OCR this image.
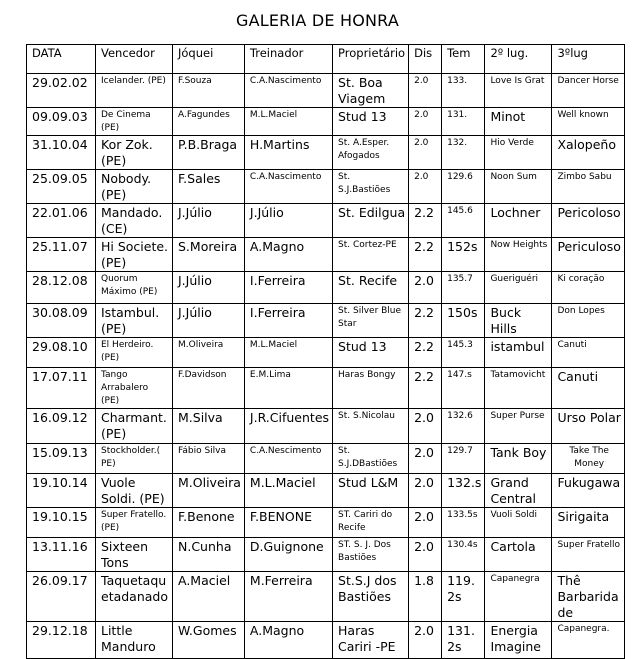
GALERIA DE HONRA
DATA	Vencedor	Jóquei	Treinador	Proprietário	Dis	Tem	2º lug.	3ºlug
29.02.02	Icelander. (PE)	F.Souza	C.A.Nascimento	St. Boa Viagem	2.0	133.	Love Is Grat	Dancer Horse
09.09.03	De Cinema (PE)	A.Fagundes	M.L.Maciel	Stud 13	2.0	131.	Minot	Well known
31.10.04	Kor Zok. (PE)	P.B.Braga	H.Martins	St. A.Esper. Afogados	2.0	132.	Hio Verde	Xalopeño
25.09.05	Nobody. (PE)	F.Sales	C.A.Nascimento	St. S.J.Bastiões	2.0	129.6	Noon Sum	Zimbo Sabu
22.01.06	Mandado. (CE)	J.Júlio	J.Júlio	St. Edilgua	2.2	145.6	Lochner	Pericoloso
25.11.07	Hi Societe. (PE)	S.Moreira	A.Magno	St. Cortez-PE	2.2	152s	Now Heights	Periculoso
28.12.08	Quorum Máximo (PE)	J.Júlio	I.Ferreira	St. Recife	2.0	135.7	Gueriguéri	Ki coração
30.08.09	Istambul. (PE)	J.Júlio	I.Ferreira	St. Silver Blue Star	2.2	150s	Buck Hills	Don Lopes
29.08.10	El Herdeiro. (PE)	M.Oliveira	M.L.Maciel	Stud 13	2.2	145.3	istambul	Canuti
17.07.11	Tango Arrabalero (PE)	F.Davidson	E.M.Lima	Haras Bongy	2.2	147.s	Tatamovicht	Canuti
16.09.12	Charmant. (PE)	M.Silva	J.R.Cifuentes	St. S.Nicolau	2.0	132.6	Super Purse	Urso Polar
15.09.13	Stockholder.( PE)	Fábio Silva	C.A.Nescimento	St. S.J.DBastiões	2.0	129.7	Tank Boy	Take The Money
19.10.14	Vuole Soldi. (PE)	M.Oliveira	M.L.Maciel	Stud L&M	2.0	132.s	Grand Central	Fukugawa
19.10.15	Super Fratello. (PE)	F.Benone	F.BENONE	ST. Cariri do Recife	2.0	133.5s	Vuoli Soldi	Sirigaita
13.11.16	Sixteen Tons	N.Cunha	D.Guignone	ST. S. J. Dos Bastiões	2.0	130.4s	Cartola	Super Fratello
26.09.17	Taquetaqu etadanado	A.Maciel	M.Ferreira	St.S.J dos Bastiões	1.8	119. 2s	Capanegra	Thê Barbarida de
29.12.18	Little Manduro	W.Gomes	A.Magno	Haras Cariri -PE	2.0	131. 2s	Energia Imagine	Capanegra.
